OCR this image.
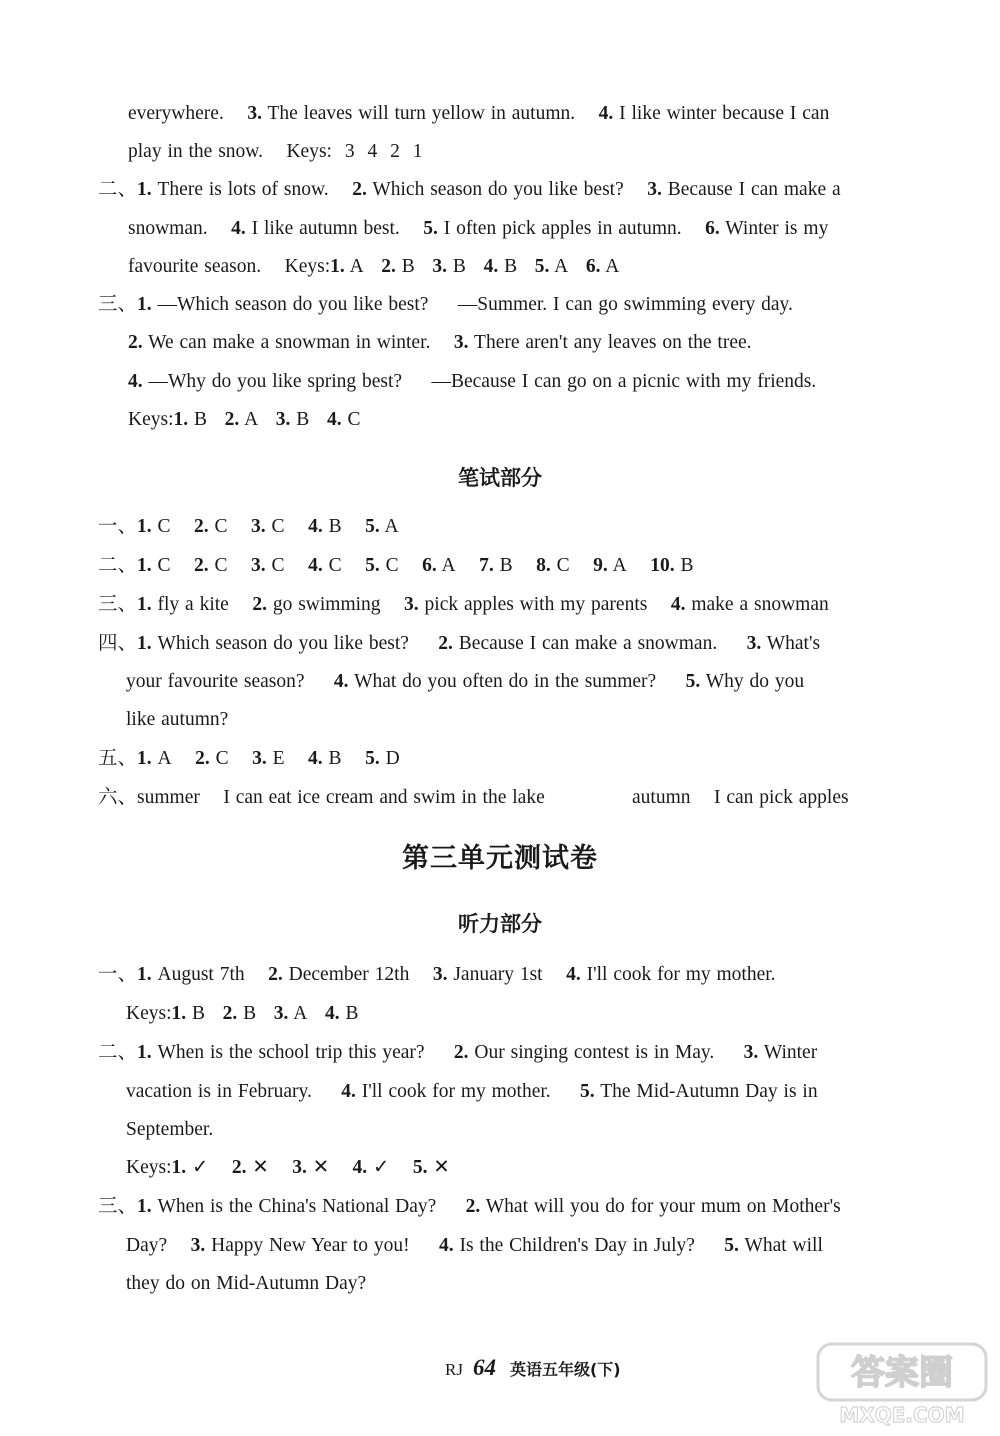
everywhere. 3. The leaves will turn yellow in autumn. 4. I like winter because I can
play in the snow. Keys: 3 4 2 1
二、1. There is lots of snow. 2. Which season do you like best? 3. Because I can make a
snowman. 4. I like autumn best. 5. I often pick apples in autumn. 6. Winter is my
favourite season. Keys:1. A 2. B 3. B 4. B 5. A 6. A
三、1. —Which season do you like best? —Summer. I can go swimming every day.
2. We can make a snowman in winter. 3. There aren't any leaves on the tree.
4. —Why do you like spring best? —Because I can go on a picnic with my friends.
Keys:1. B 2. A 3. B 4. C
笔试部分
一、1. C 2. C 3. C 4. B 5. A
二、1. C 2. C 3. C 4. C 5. C 6. A 7. B 8. C 9. A 10. B
三、1. fly a kite 2. go swimming 3. pick apples with my parents 4. make a snowman
四、1. Which season do you like best? 2. Because I can make a snowman. 3. What's
your favourite season? 4. What do you often do in the summer? 5. Why do you
like autumn?
五、1. A 2. C 3. E 4. B 5. D
六、summer I can eat ice cream and swim in the lake	autumn I can pick apples
第三单元测试卷
听力部分
一、1. August 7th 2. December 12th 3. January 1st 4. I'll cook for my mother.
Keys:1. B 2. B 3. A 4. B
二、1. When is the school trip this year? 2. Our singing contest is in May. 3. Winter
vacation is in February. 4. I'll cook for my mother. 5. The Mid-Autumn Day is in
September.
Keys:1. ✓ 2. ✕ 3. ✕ 4. ✓ 5. ✕
三、1. When is the China's National Day? 2. What will you do for your mum on Mother's
Day? 3. Happy New Year to you! 4. Is the Children's Day in July? 5. What will
they do on Mid-Autumn Day?
RJ 64 英语五年级(下)	答案圈
MXQE.COM
